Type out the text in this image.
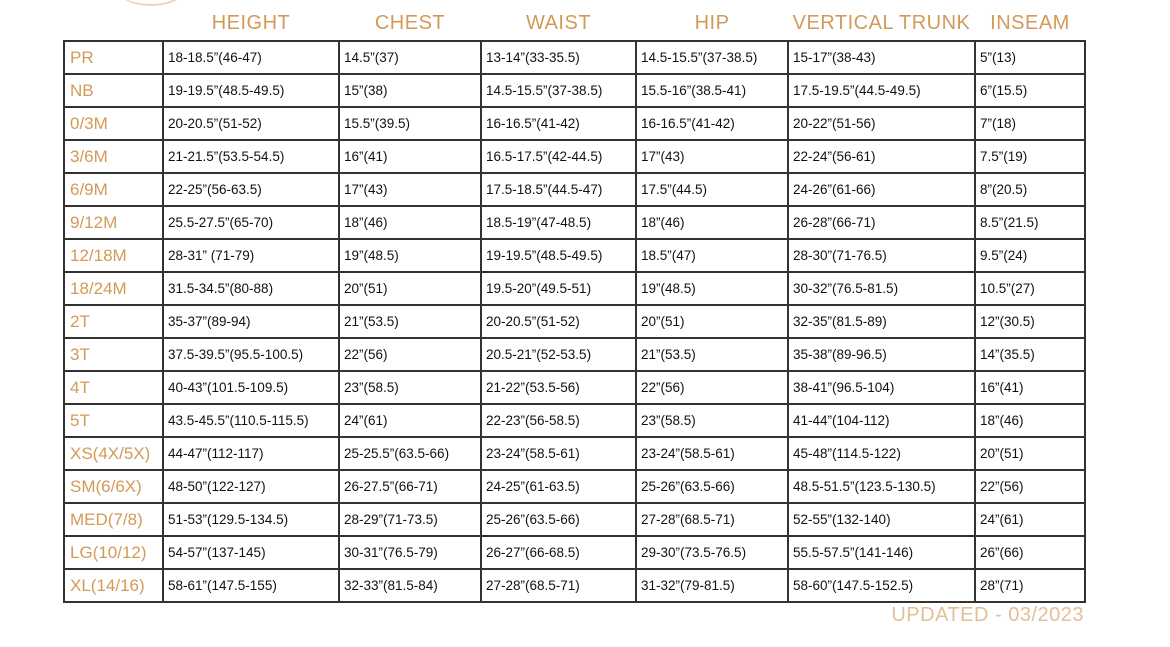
	HEIGHT	CHEST	WAIST	HIP	VERTICAL TRUNK	INSEAM
PR	18-18.5”(46-47)	14.5”(37)	13-14”(33-35.5)	14.5-15.5”(37-38.5)	15-17”(38-43)	5”(13)
NB	19-19.5”(48.5-49.5)	15”(38)	14.5-15.5”(37-38.5)	15.5-16”(38.5-41)	17.5-19.5”(44.5-49.5)	6”(15.5)
0/3M	20-20.5”(51-52)	15.5”(39.5)	16-16.5”(41-42)	16-16.5”(41-42)	20-22”(51-56)	7”(18)
3/6M	21-21.5”(53.5-54.5)	16”(41)	16.5-17.5”(42-44.5)	17”(43)	22-24”(56-61)	7.5”(19)
6/9M	22-25”(56-63.5)	17”(43)	17.5-18.5”(44.5-47)	17.5”(44.5)	24-26”(61-66)	8”(20.5)
9/12M	25.5-27.5”(65-70)	18”(46)	18.5-19”(47-48.5)	18”(46)	26-28”(66-71)	8.5”(21.5)
12/18M	28-31” (71-79)	19”(48.5)	19-19.5”(48.5-49.5)	18.5”(47)	28-30”(71-76.5)	9.5”(24)
18/24M	31.5-34.5”(80-88)	20”(51)	19.5-20”(49.5-51)	19”(48.5)	30-32”(76.5-81.5)	10.5”(27)
2T	35-37”(89-94)	21”(53.5)	20-20.5”(51-52)	20”(51)	32-35”(81.5-89)	12”(30.5)
3T	37.5-39.5”(95.5-100.5)	22”(56)	20.5-21”(52-53.5)	21”(53.5)	35-38”(89-96.5)	14”(35.5)
4T	40-43”(101.5-109.5)	23”(58.5)	21-22”(53.5-56)	22”(56)	38-41”(96.5-104)	16”(41)
5T	43.5-45.5”(110.5-115.5)	24”(61)	22-23”(56-58.5)	23”(58.5)	41-44”(104-112)	18”(46)
XS(4X/5X)	44-47”(112-117)	25-25.5”(63.5-66)	23-24”(58.5-61)	23-24”(58.5-61)	45-48”(114.5-122)	20”(51)
SM(6/6X)	48-50”(122-127)	26-27.5”(66-71)	24-25”(61-63.5)	25-26”(63.5-66)	48.5-51.5”(123.5-130.5)	22”(56)
MED(7/8)	51-53”(129.5-134.5)	28-29”(71-73.5)	25-26”(63.5-66)	27-28”(68.5-71)	52-55”(132-140)	24”(61)
LG(10/12)	54-57”(137-145)	30-31”(76.5-79)	26-27”(66-68.5)	29-30”(73.5-76.5)	55.5-57.5”(141-146)	26”(66)
XL(14/16)	58-61”(147.5-155)	32-33”(81.5-84)	27-28”(68.5-71)	31-32”(79-81.5)	58-60”(147.5-152.5)	28”(71)
UPDATED - 03/2023
